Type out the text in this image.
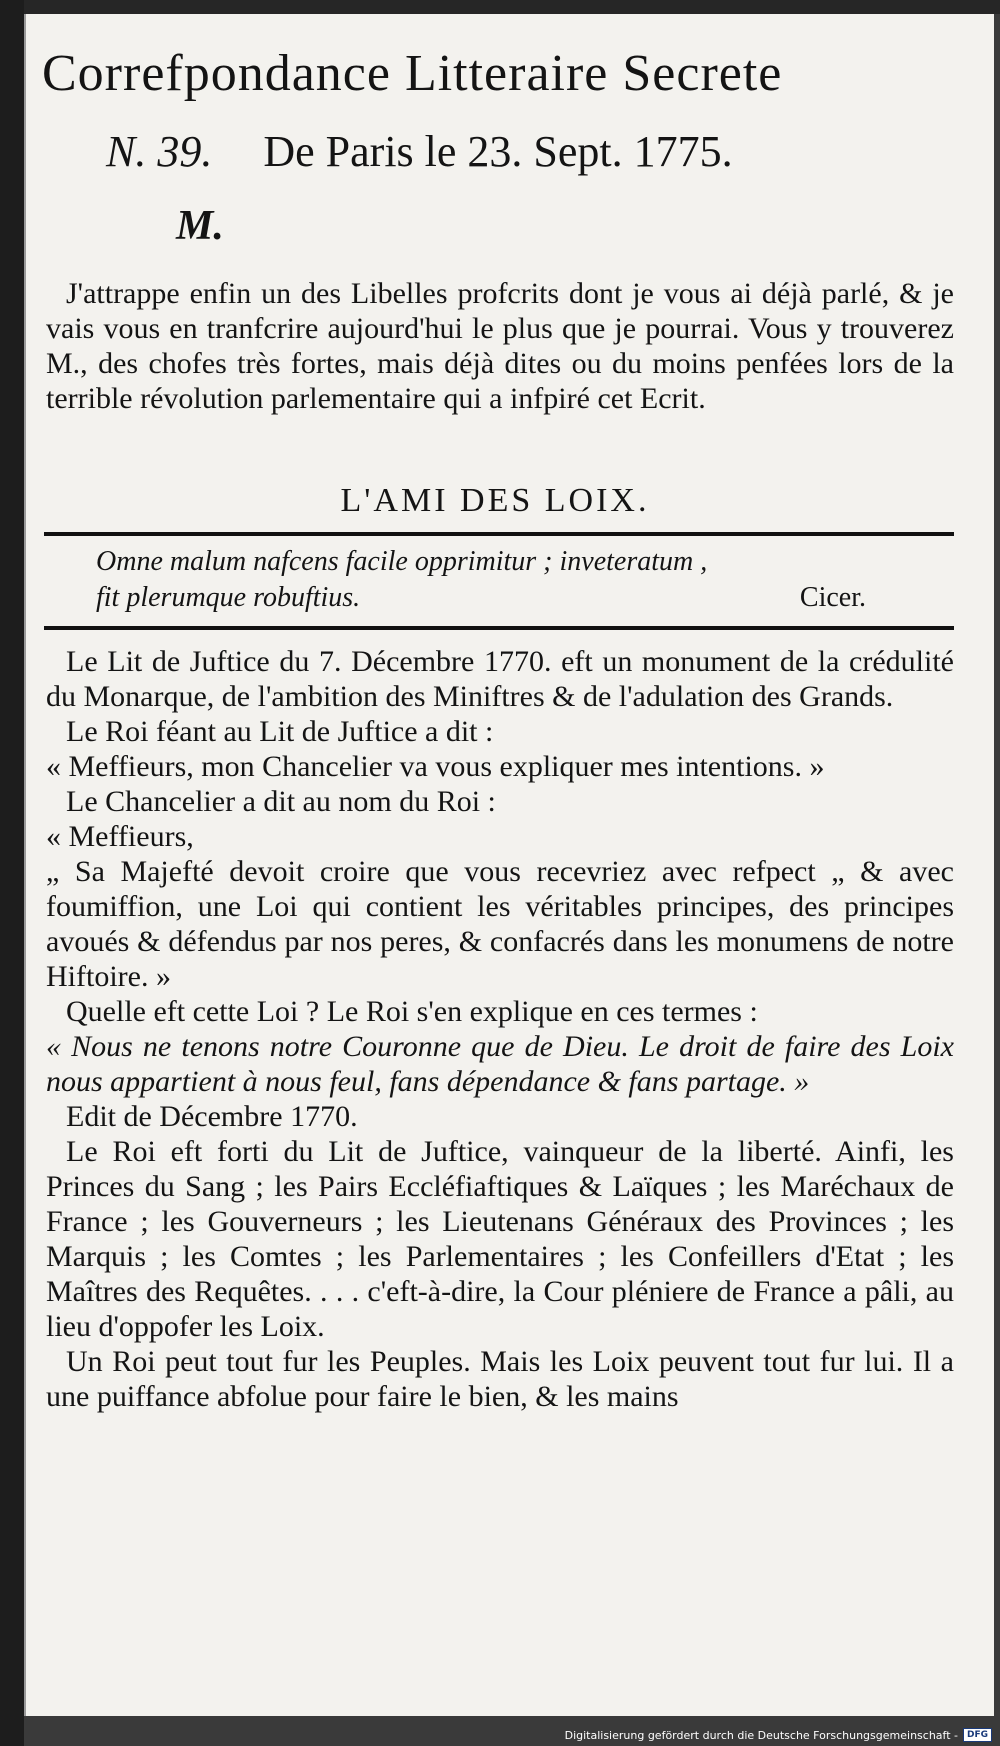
Correfpondance Litteraire Secrete
N. 39. De Paris le 23. Sept. 1775.
M.

J'attrappe enfin un des Libelles profcrits dont je vous ai déjà parlé, & je vais vous en tranfcrire aujourd'hui le plus que je pourrai. Vous y trouverez M., des chofes très fortes, mais déjà dites ou du moins penfées lors de la terrible révolution parlementaire qui a infpiré cet Ecrit.

L'AMI DES LOIX.
Omne malum nafcens facile opprimitur ; inveteratum ,
fit plerumque robuftius.	Cicer.

Le Lit de Juftice du 7. Décembre 1770. eft un monument de la crédulité du Monarque, de l'ambition des Miniftres & de l'adulation des Grands.

Le Roi féant au Lit de Juftice a dit :

« Meffieurs, mon Chancelier va vous expliquer mes intentions. »

Le Chancelier a dit au nom du Roi :

« Meffieurs,

„ Sa Majefté devoit croire que vous recevriez avec refpect „ & avec foumiffion, une Loi qui contient les véritables principes, des principes avoués & défendus par nos peres, & confacrés dans les monumens de notre Hiftoire. »

Quelle eft cette Loi ? Le Roi s'en explique en ces termes :

« Nous ne tenons notre Couronne que de Dieu. Le droit de faire des Loix nous appartient à nous feul, fans dépendance & fans partage. »

Edit de Décembre 1770.

Le Roi eft forti du Lit de Juftice, vainqueur de la liberté. Ainfi, les Princes du Sang ; les Pairs Eccléfiaftiques & Laïques ; les Maréchaux de France ; les Gouverneurs ; les Lieutenans Généraux des Provinces ; les Marquis ; les Comtes ; les Parlementaires ; les Confeillers d'Etat ; les Maîtres des Requêtes. . . . c'eft-à-dire, la Cour pléniere de France a pâli, au lieu d'oppofer les Loix.

Un Roi peut tout fur les Peuples. Mais les Loix peuvent tout fur lui. Il a une puiffance abfolue pour faire le bien, & les mains

Digitalisierung gefördert durch die Deutsche Forschungsgemeinschaft -	DFG
